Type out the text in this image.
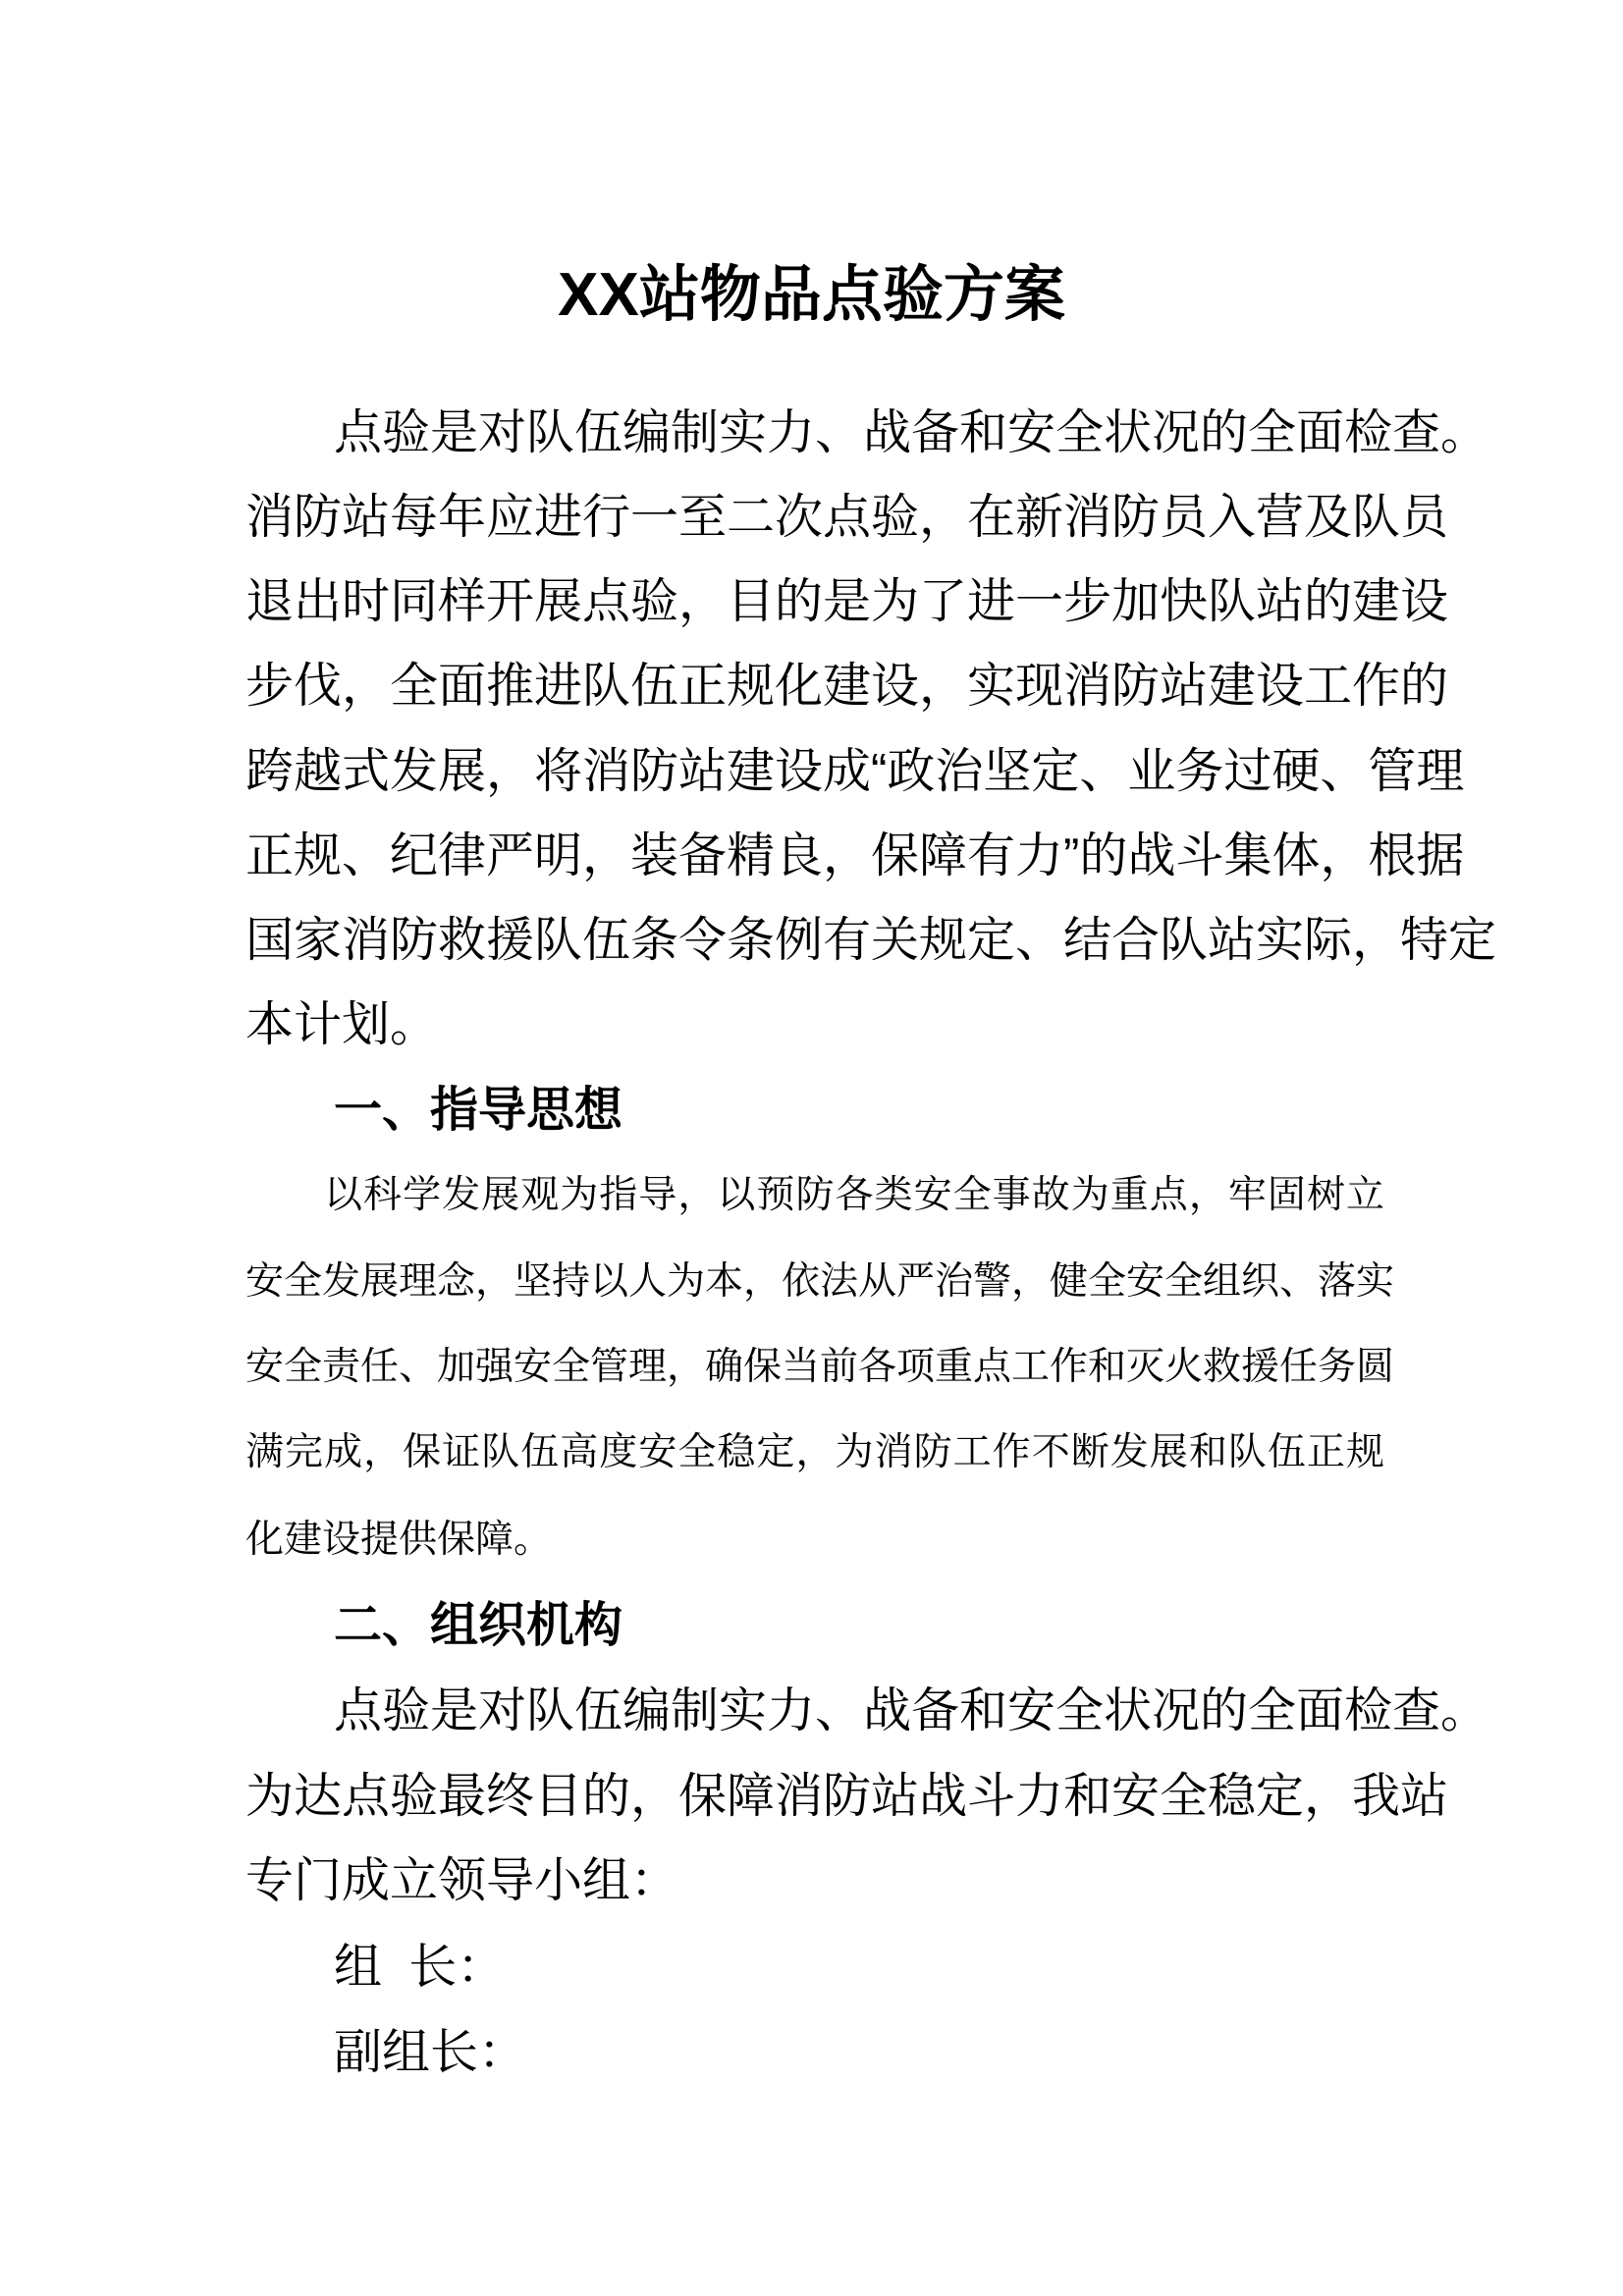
XX站物品点验方案
点验是对队伍编制实力、战备和安全状况的全面检查。
消防站每年应进行一至二次点验，在新消防员入营及队员
退出时同样开展点验，目的是为了进一步加快队站的建设
步伐，全面推进队伍正规化建设，实现消防站建设工作的
跨越式发展，将消防站建设成“政治坚定、业务过硬、管理
正规、纪律严明，装备精良，保障有力”的战斗集体，根据
国家消防救援队伍条令条例有关规定、结合队站实际，特定
本计划。
一、指导思想
以科学发展观为指导，以预防各类安全事故为重点，牢固树立
安全发展理念，坚持以人为本，依法从严治警，健全安全组织、落实
安全责任、加强安全管理，确保当前各项重点工作和灭火救援任务圆
满完成，保证队伍高度安全稳定，为消防工作不断发展和队伍正规
化建设提供保障。
二、组织机构
点验是对队伍编制实力、战备和安全状况的全面检查。
为达点验最终目的，保障消防站战斗力和安全稳定，我站
专门成立领导小组：
组  长：
副组长：
